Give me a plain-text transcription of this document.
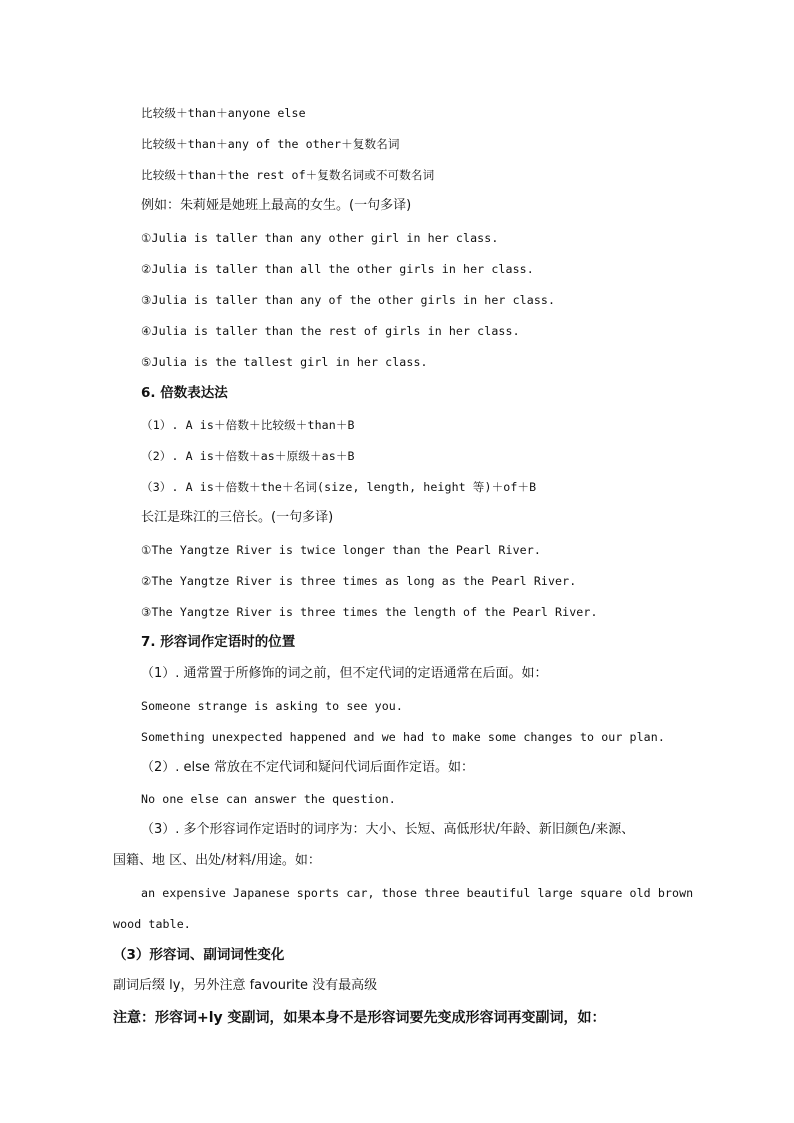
比较级＋than＋anyone else
比较级＋than＋any of the other＋复数名词
比较级＋than＋the rest of＋复数名词或不可数名词
例如：朱莉娅是她班上最高的女生。(一句多译)
①Julia is taller than any other girl in her class.
②Julia is taller than all the other girls in her class.
③Julia is taller than any of the other girls in her class.
④Julia is taller than the rest of girls in her class.
⑤Julia is the tallest girl in her class.
6. 倍数表达法
（1）. A is＋倍数＋比较级＋than＋B
（2）. A is＋倍数＋as＋原级＋as＋B
（3）. A is＋倍数＋the＋名词(size, length, height 等)＋of＋B
长江是珠江的三倍长。(一句多译)
①The Yangtze River is twice longer than the Pearl River.
②The Yangtze River is three times as long as the Pearl River.
③The Yangtze River is three times the length of the Pearl River.
7. 形容词作定语时的位置
（1）. 通常置于所修饰的词之前，但不定代词的定语通常在后面。如：
Someone strange is asking to see you.
Something unexpected happened and we had to make some changes to our plan.
（2）. else 常放在不定代词和疑问代词后面作定语。如：
No one else can answer the question.
（3）. 多个形容词作定语时的词序为：大小、长短、高低形状/年龄、新旧颜色/来源、
国籍、地 区、出处/材料/用途。如：
an expensive Japanese sports car, those three beautiful large square old brown
wood table.
（3）形容词、副词词性变化
副词后缀 ly，另外注意 favourite 没有最高级
注意：形容词+ly 变副词，如果本身不是形容词要先变成形容词再变副词，如：
